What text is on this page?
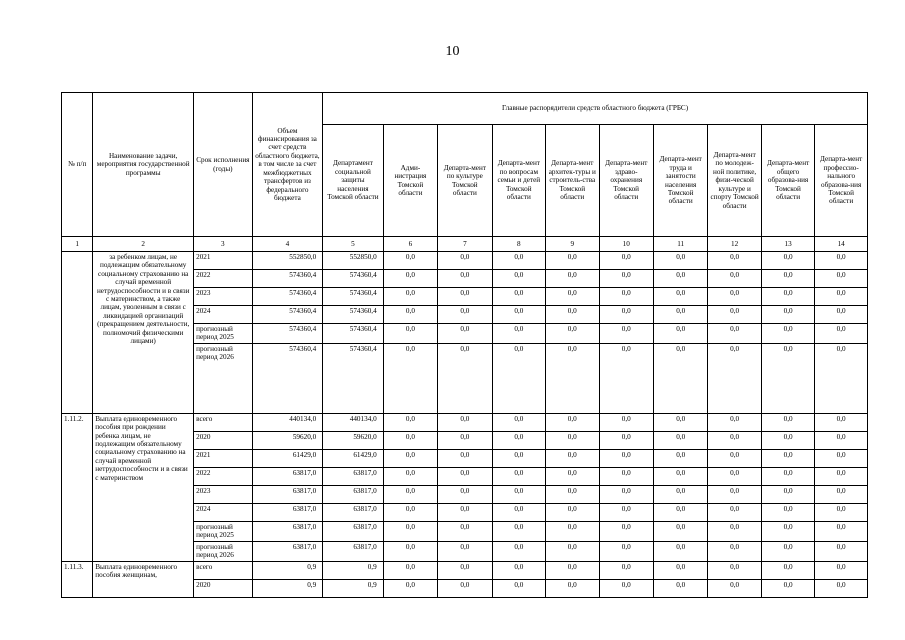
10
№ п/п	Наименование задачи, мероприятия государственной программы	Срок исполнения (годы)	Объем финансирования за счет средств областного бюджета, в том числе за счет межбюджетных трансфертов из федерального бюджета	Главные распорядители средств областного бюджета (ГРБС)									
				Департамент социальной защиты населения Томской области	Адми-нистрация Томской области	Департа-мент по культуре Томской области	Департа-мент по вопросам семьи и детей Томской области	Департа-мент архитек-туры и строитель-ства Томской области	Департа-мент здраво-охранения Томской области	Департа-мент труда и занятости населения Томской области	Департа-мент по молодеж-ной политике, физи-ческой культуре и спорту Томской области	Департа-мент общего образова-ния Томской области	Департа-мент профессио-нального образова-ния Томской области
1	2	3	4	5	6	7	8	9	10	11	12	13	14
	за ребенком лицам, не подлежащим обязательному социальному страхованию на случай временной нетрудоспособности и в связи с материнством, а также лицам, уволенным в связи с ликвидацией организаций (прекращением деятельности, полномочий физическими лицами)	2021	552850,0	552850,0	0,0	0,0	0,0	0,0	0,0	0,0	0,0	0,0	0,0
		2022	574360,4	574360,4	0,0	0,0	0,0	0,0	0,0	0,0	0,0	0,0	0,0
		2023	574360,4	574360,4	0,0	0,0	0,0	0,0	0,0	0,0	0,0	0,0	0,0
		2024	574360,4	574360,4	0,0	0,0	0,0	0,0	0,0	0,0	0,0	0,0	0,0
		прогнозный период 2025	574360,4	574360,4	0,0	0,0	0,0	0,0	0,0	0,0	0,0	0,0	0,0
		прогнозный период 2026	574360,4	574360,4	0,0	0,0	0,0	0,0	0,0	0,0	0,0	0,0	0,0
1.11.2.	Выплата единовременного пособия при рождении ребенка лицам, не подлежащим обязательному социальному страхованию на случай временной нетрудоспособности и в связи с материнством	всего	440134,0	440134,0	0,0	0,0	0,0	0,0	0,0	0,0	0,0	0,0	0,0
		2020	59620,0	59620,0	0,0	0,0	0,0	0,0	0,0	0,0	0,0	0,0	0,0
		2021	61429,0	61429,0	0,0	0,0	0,0	0,0	0,0	0,0	0,0	0,0	0,0
		2022	63817,0	63817,0	0,0	0,0	0,0	0,0	0,0	0,0	0,0	0,0	0,0
		2023	63817,0	63817,0	0,0	0,0	0,0	0,0	0,0	0,0	0,0	0,0	0,0
		2024	63817,0	63817,0	0,0	0,0	0,0	0,0	0,0	0,0	0,0	0,0	0,0
		прогнозный период 2025	63817,0	63817,0	0,0	0,0	0,0	0,0	0,0	0,0	0,0	0,0	0,0
		прогнозный период 2026	63817,0	63817,0	0,0	0,0	0,0	0,0	0,0	0,0	0,0	0,0	0,0
1.11.3.	Выплата единовременного пособия женщинам,	всего	0,9	0,9	0,0	0,0	0,0	0,0	0,0	0,0	0,0	0,0	0,0
		2020	0,9	0,9	0,0	0,0	0,0	0,0	0,0	0,0	0,0	0,0	0,0
